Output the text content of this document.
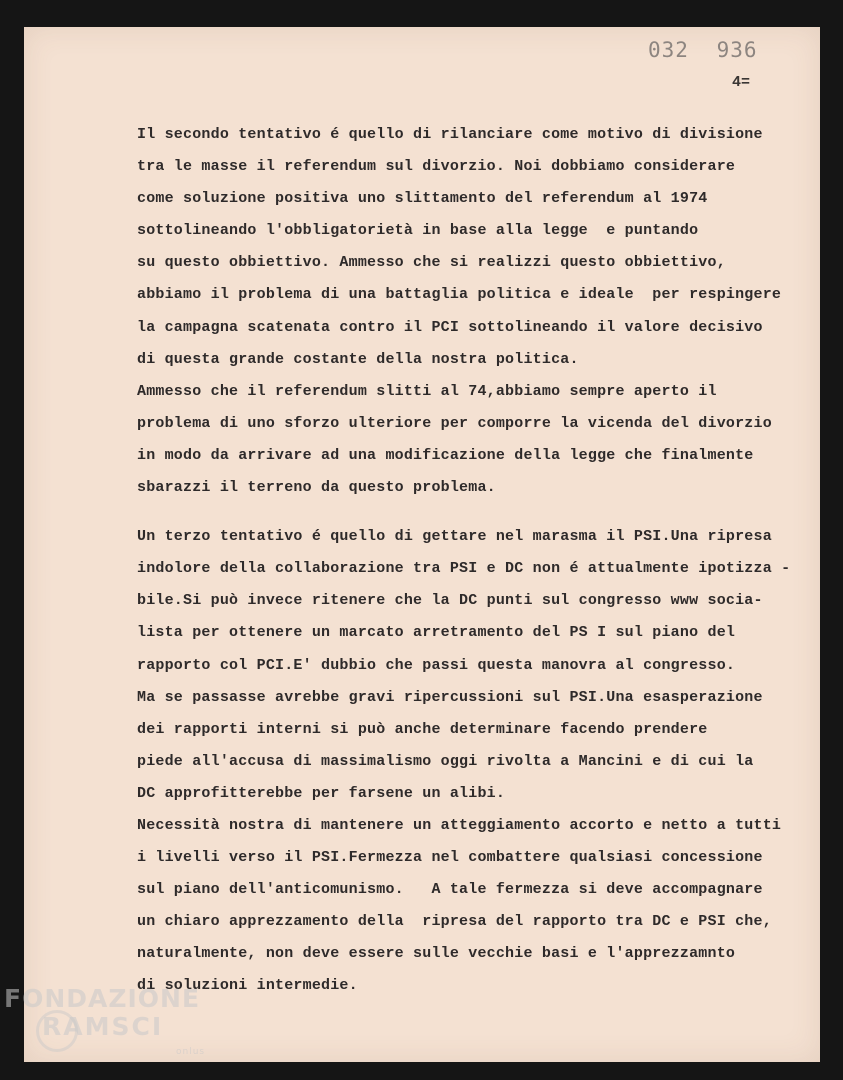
032 936
4=
Il secondo tentativo é quello di rilanciare come motivo di divisione
tra le masse il referendum sul divorzio. Noi dobbiamo considerare
come soluzione positiva uno slittamento del referendum al 1974
sottolineando l'obbligatorietà in base alla legge  e puntando
su questo obbiettivo. Ammesso che si realizzi questo obbiettivo,
abbiamo il problema di una battaglia politica e ideale  per respingere
la campagna scatenata contro il PCI sottolineando il valore decisivo
di questa grande costante della nostra politica.
Ammesso che il referendum slitti al 74,abbiamo sempre aperto il
problema di uno sforzo ulteriore per comporre la vicenda del divorzio
in modo da arrivare ad una modificazione della legge che finalmente
sbarazzi il terreno da questo problema.
Un terzo tentativo é quello di gettare nel marasma il PSI.Una ripresa
indolore della collaborazione tra PSI e DC non é attualmente ipotizza -
bile.Si può invece ritenere che la DC punti sul congresso www socia-
lista per ottenere un marcato arretramento del PS I sul piano del
rapporto col PCI.E' dubbio che passi questa manovra al congresso.
Ma se passasse avrebbe gravi ripercussioni sul PSI.Una esasperazione
dei rapporti interni si può anche determinare facendo prendere
piede all'accusa di massimalismo oggi rivolta a Mancini e di cui la
DC approfitterebbe per farsene un alibi.
Necessità nostra di mantenere un atteggiamento accorto e netto a tutti
i livelli verso il PSI.Fermezza nel combattere qualsiasi concessione
sul piano dell'anticomunismo.   A tale fermezza si deve accompagnare
un chiaro apprezzamento della  ripresa del rapporto tra DC e PSI che,
naturalmente, non deve essere sulle vecchie basi e l'apprezzamnto
di soluzioni intermedie.
FONDAZIONE
RAMSCI
onlus
